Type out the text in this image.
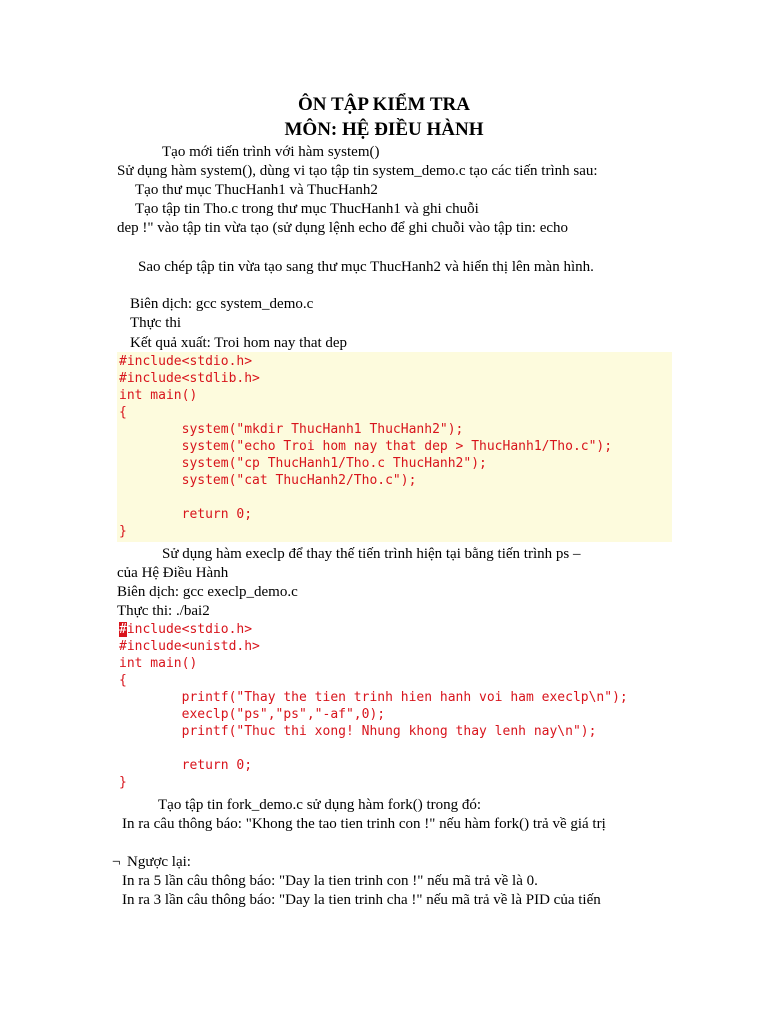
ÔN TẬP KIỂM TRA
MÔN: HỆ ĐIỀU HÀNH
Tạo mới tiến trình với hàm system()
Sử dụng hàm system(), dùng vi tạo tập tin system_demo.c tạo các tiến trình sau:
Tạo thư mục ThucHanh1 và ThucHanh2
Tạo tập tin Tho.c trong thư mục ThucHanh1 và ghi chuỗi
dep !" vào tập tin vừa tạo (sử dụng lệnh echo để ghi chuỗi vào tập tin: echo
Sao chép tập tin vừa tạo sang thư mục ThucHanh2 và hiển thị lên màn hình.
Biên dịch: gcc system_demo.c
Thực thi
Kết quả xuất: Troi hom nay that dep
#include<stdio.h>
#include<stdlib.h>
int main()
{
system("mkdir ThucHanh1 ThucHanh2");
system("echo Troi hom nay that dep > ThucHanh1/Tho.c");
system("cp ThucHanh1/Tho.c ThucHanh2");
system("cat ThucHanh2/Tho.c");
return 0;
}
Sử dụng hàm execlp để thay thế tiến trình hiện tại bằng tiến trình ps –
của Hệ Điều Hành
Biên dịch: gcc execlp_demo.c
Thực thi: ./bai2
#include<stdio.h>
#include<unistd.h>
int main()
{
printf("Thay the tien trinh hien hanh voi ham execlp\n");
execlp("ps","ps","-af",0);
printf("Thuc thi xong! Nhung khong thay lenh nay\n");
return 0;
}
Tạo tập tin fork_demo.c sử dụng hàm fork() trong đó:
In ra câu thông báo: "Khong the tao tien trinh con !" nếu hàm fork() trả về giá trị
¬ Ngược lại:
In ra 5 lần câu thông báo: "Day la tien trinh con !" nếu mã trả về là 0.
In ra 3 lần câu thông báo: "Day la tien trinh cha !" nếu mã trả về là PID của tiến
